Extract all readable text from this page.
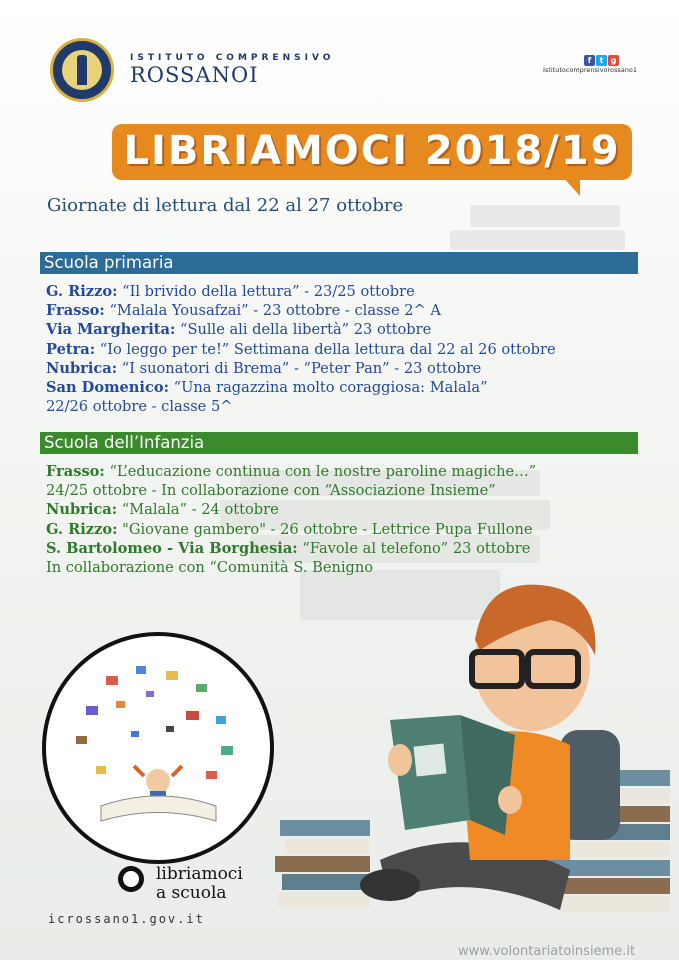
ISTITUTO COMPRENSIVO
ROSSANOI
f t g
Istitutocomprensivorossano1
LIBRIAMOCI 2018/19
Giornate di lettura dal 22 al 27 ottobre
Scuola primaria
G. Rizzo: “Il brivido della lettura” - 23/25 ottobre
Frasso: “Malala Yousafzai” - 23 ottobre - classe 2^ A
Via Margherita: “Sulle ali della libertà” 23 ottobre
Petra: “Io leggo per te!” Settimana della lettura dal 22 al 26 ottobre
Nubrica: “I suonatori di Brema” - “Peter Pan” - 23 ottobre
San Domenico: “Una ragazzina molto coraggiosa: Malala”
22/26 ottobre - classe 5^
Scuola dell’Infanzia
Frasso: “L’educazione continua con le nostre paroline magiche…”
24/25 ottobre - In collaborazione con “Associazione Insieme”
Nubrica: “Malala” - 24 ottobre
G. Rizzo: "Giovane gambero" - 26 ottobre - Lettrice Pupa Fullone
S. Bartolomeo - Via Borghesia: “Favole al telefono” 23 ottobre
In collaborazione con “Comunità S. Benigno
libriamoci
a scuola
icrossano1.gov.it
www.volontariatoinsieme.it
